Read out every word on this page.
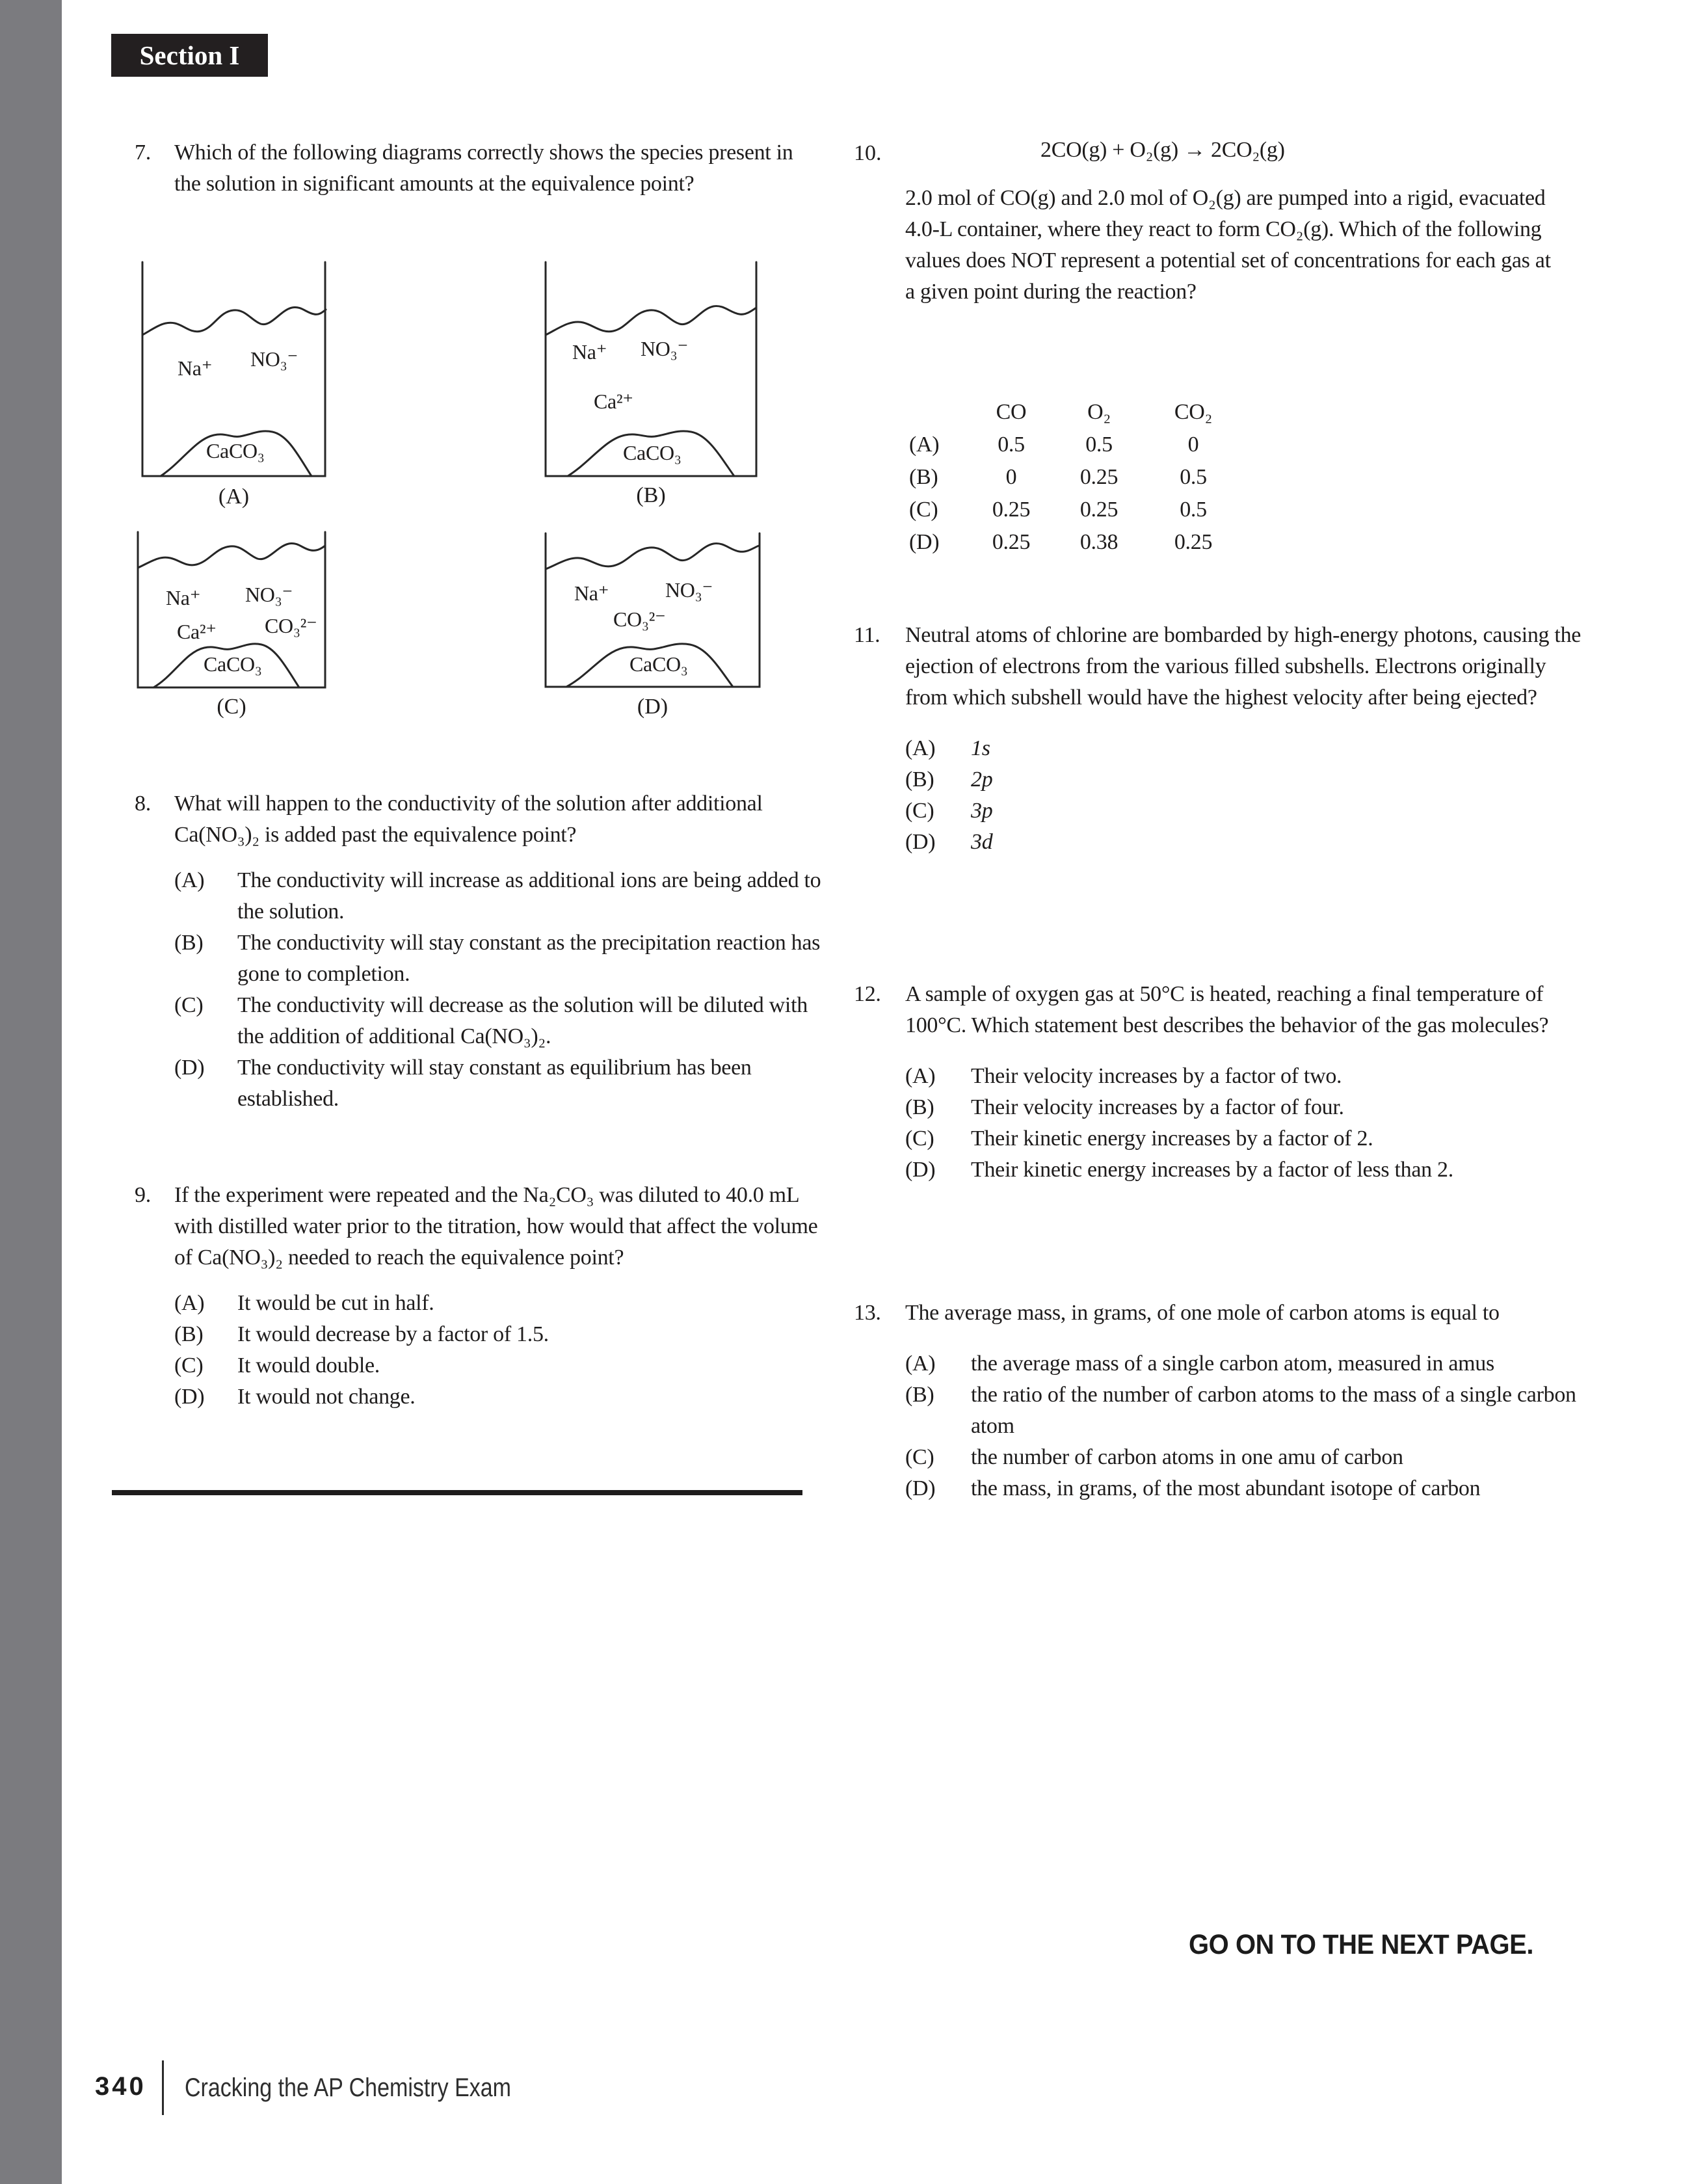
Section I
7.	Which of the following diagrams correctly shows the species present in the solution in significant amounts at the equivalence point?
Na⁺ NO₃⁻
CaCO₃
(A)
Na⁺ NO₃⁻
Ca²⁺
CaCO₃
(B)
Na⁺ NO₃⁻
Ca²⁺ CO₃²⁻
CaCO₃
(C)
Na⁺	NO₃⁻
CO₃²⁻
CaCO₃
(D)
8.	What will happen to the conductivity of the solution after additional Ca(NO₃)₂ is added past the equivalence point?
(A)	The conductivity will increase as additional ions are being added to the solution.
(B)	The conductivity will stay constant as the precipitation reaction has gone to completion.
(C)	The conductivity will decrease as the solution will be diluted with the addition of additional Ca(NO₃)₂.
(D)	The conductivity will stay constant as equilibrium has been established.
9.	If the experiment were repeated and the Na₂CO₃ was diluted to 40.0 mL with distilled water prior to the titration, how would that affect the volume of Ca(NO₃)₂ needed to reach the equivalence point?
(A)	It would be cut in half.
(B)	It would decrease by a factor of 1.5.
(C)	It would double.
(D)	It would not change.
10.	2CO(g) + O₂(g) → 2CO₂(g)
2.0 mol of CO(g) and 2.0 mol of O₂(g) are pumped into a rigid, evacuated 4.0-L container, where they react to form CO₂(g). Which of the following values does NOT represent a potential set of concentrations for each gas at a given point during the reaction?
CO	O₂	CO₂
(A)	0.5	0.5	0
(B)	0	0.25	0.5
(C)	0.25	0.25	0.5
(D)	0.25	0.38	0.25
11.	Neutral atoms of chlorine are bombarded by high-energy photons, causing the ejection of electrons from the various filled subshells. Electrons originally from which subshell would have the highest velocity after being ejected?
(A)	1s
(B)	2p
(C)	3p
(D)	3d
12.	A sample of oxygen gas at 50°C is heated, reaching a final temperature of 100°C. Which statement best describes the behavior of the gas molecules?
(A)	Their velocity increases by a factor of two.
(B)	Their velocity increases by a factor of four.
(C)	Their kinetic energy increases by a factor of 2.
(D)	Their kinetic energy increases by a factor of less than 2.
13.	The average mass, in grams, of one mole of carbon atoms is equal to
(A)	the average mass of a single carbon atom, measured in amus
(B)	the ratio of the number of carbon atoms to the mass of a single carbon atom
(C)	the number of carbon atoms in one amu of carbon
(D)	the mass, in grams, of the most abundant isotope of carbon
GO ON TO THE NEXT PAGE.
340 Cracking the AP Chemistry Exam
